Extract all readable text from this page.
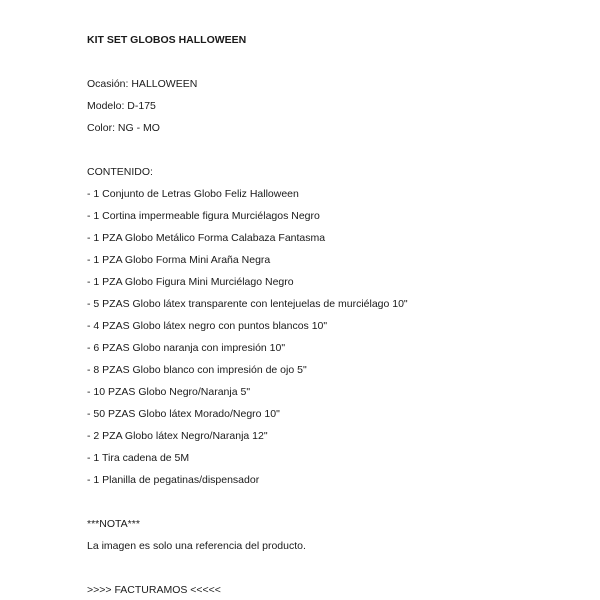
KIT SET GLOBOS HALLOWEEN

Ocasión: HALLOWEEN

Modelo: D-175

Color: NG - MO

CONTENIDO:

- 1 Conjunto de Letras Globo Feliz Halloween
- 1 Cortina impermeable figura Murciélagos Negro
- 1 PZA Globo Metálico Forma Calabaza Fantasma
- 1 PZA Globo Forma Mini Araña Negra
- 1 PZA Globo Figura Mini Murciélago Negro
- 5 PZAS Globo látex transparente con lentejuelas de murciélago 10"
- 4 PZAS Globo látex negro con puntos blancos 10"
- 6 PZAS Globo naranja con impresión 10"
- 8 PZAS Globo blanco con impresión de ojo 5"
- 10 PZAS Globo Negro/Naranja 5"
- 50 PZAS Globo látex Morado/Negro 10"
- 2 PZA Globo látex Negro/Naranja 12"
- 1 Tira cadena de 5M
- 1 Planilla de pegatinas/dispensador

***NOTA***

La imagen es solo una referencia del producto.

>>>> FACTURAMOS <<<<<
